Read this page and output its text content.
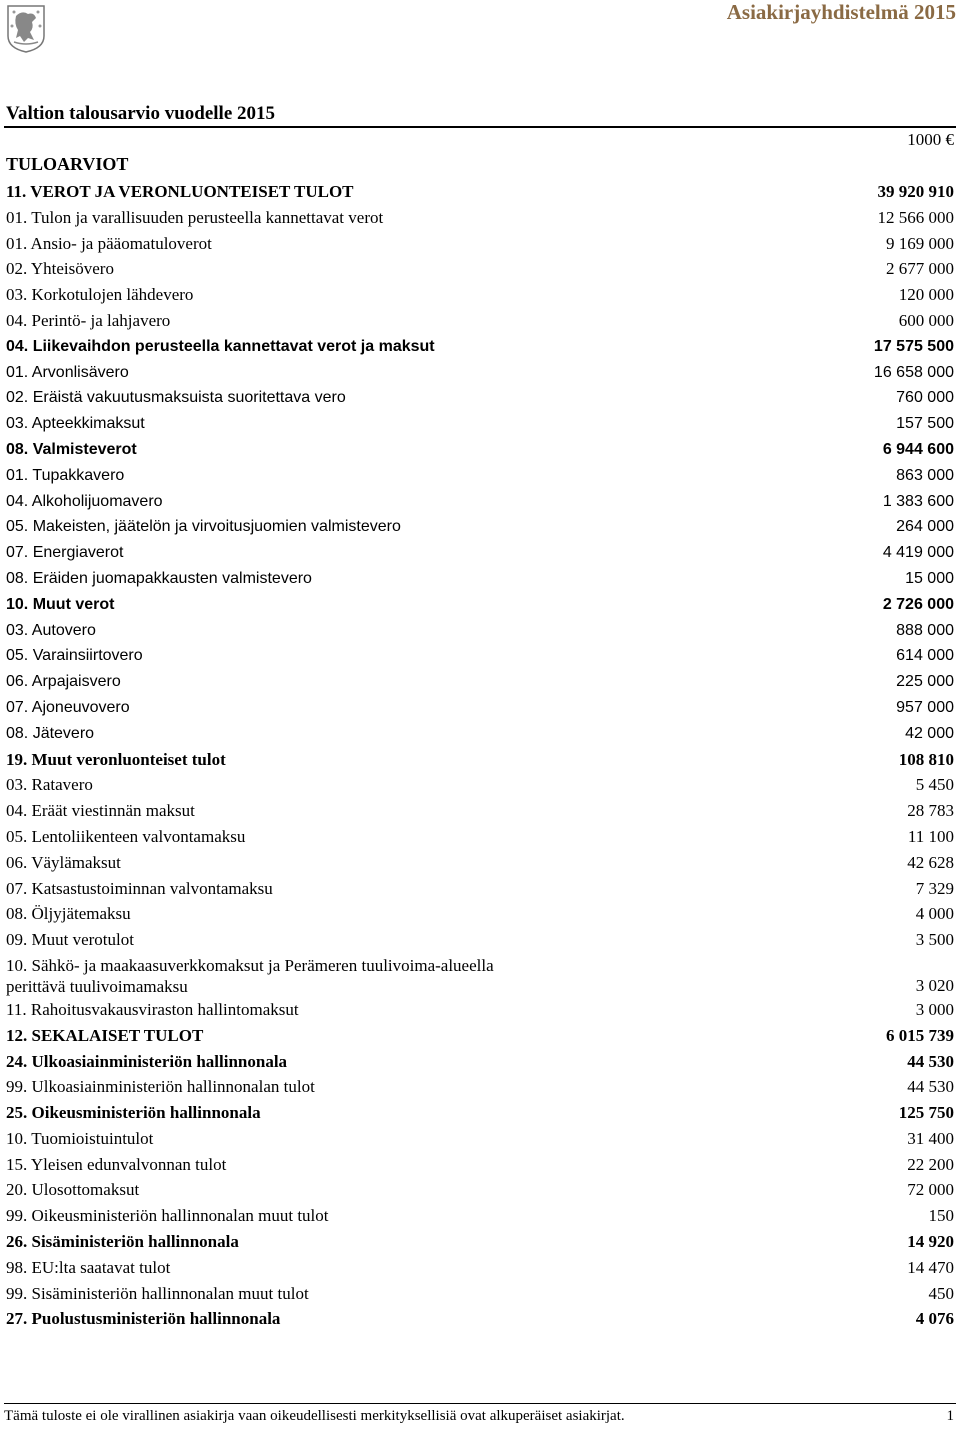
Asiakirjayhdistelmä 2015
Valtion talousarvio vuodelle 2015
1000 €
TULOARVIOT
11. VEROT JA VERONLUONTEISET TULOT	39 920 910
01. Tulon ja varallisuuden perusteella kannettavat verot	12 566 000
01. Ansio- ja pääomatuloverot	9 169 000
02. Yhteisövero	2 677 000
03. Korkotulojen lähdevero	120 000
04. Perintö- ja lahjavero	600 000
04. Liikevaihdon perusteella kannettavat verot ja maksut	17 575 500
01. Arvonlisävero	16 658 000
02. Eräistä vakuutusmaksuista suoritettava vero	760 000
03. Apteekkimaksut	157 500
08. Valmisteverot	6 944 600
01. Tupakkavero	863 000
04. Alkoholijuomavero	1 383 600
05. Makeisten, jäätelön ja virvoitusjuomien valmistevero	264 000
07. Energiaverot	4 419 000
08. Eräiden juomapakkausten valmistevero	15 000
10. Muut verot	2 726 000
03. Autovero	888 000
05. Varainsiirtovero	614 000
06. Arpajaisvero	225 000
07. Ajoneuvovero	957 000
08. Jätevero	42 000
19. Muut veronluonteiset tulot	108 810
03. Ratavero	5 450
04. Eräät viestinnän maksut	28 783
05. Lentoliikenteen valvontamaksu	11 100
06. Väylämaksut	42 628
07. Katsastustoiminnan valvontamaksu	7 329
08. Öljyjätemaksu	4 000
09. Muut verotulot	3 500
10. Sähkö- ja maakaasuverkkomaksut ja Perämeren tuulivoima-alueella perittävä tuulivoimamaksu	3 020
11. Rahoitusvakausviraston hallintomaksut	3 000
12. SEKALAISET TULOT	6 015 739
24. Ulkoasiainministeriön hallinnonala	44 530
99. Ulkoasiainministeriön hallinnonalan tulot	44 530
25. Oikeusministeriön hallinnonala	125 750
10. Tuomioistuintulot	31 400
15. Yleisen edunvalvonnan tulot	22 200
20. Ulosottomaksut	72 000
99. Oikeusministeriön hallinnonalan muut tulot	150
26. Sisäministeriön hallinnonala	14 920
98. EU:lta saatavat tulot	14 470
99. Sisäministeriön hallinnonalan muut tulot	450
27. Puolustusministeriön hallinnonala	4 076
Tämä tuloste ei ole virallinen asiakirja vaan oikeudellisesti merkityksellisiä ovat alkuperäiset asiakirjat.	1
